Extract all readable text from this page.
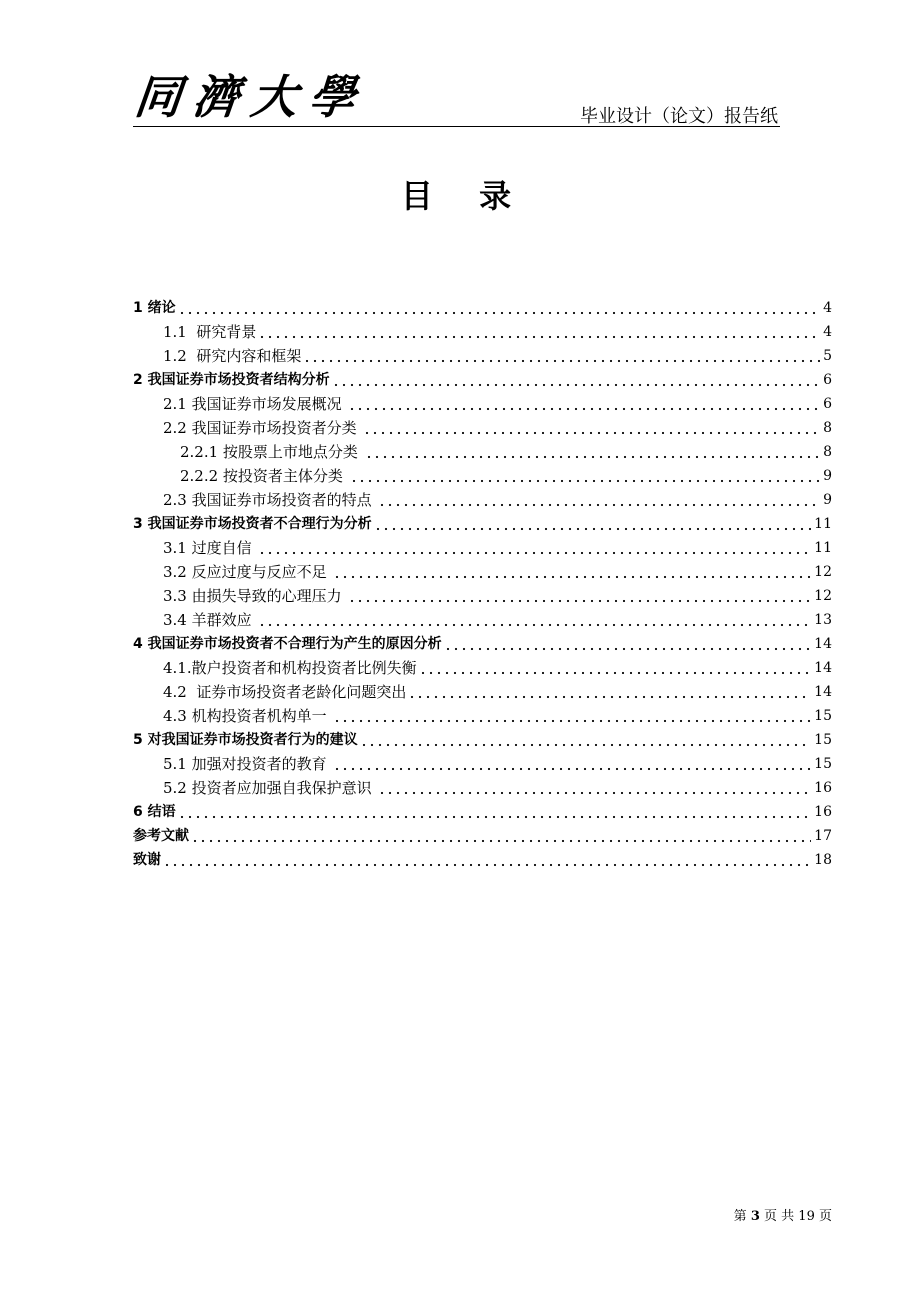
同濟大學	毕业设计（论文）报告纸
目  录
1 绪论	4
1.1  研究背景	4
1.2  研究内容和框架	5
2 我国证券市场投资者结构分析	6
2.1 我国证券市场发展概况	6
2.2 我国证券市场投资者分类	8
2.2.1 按股票上市地点分类	8
2.2.2 按投资者主体分类	9
2.3 我国证券市场投资者的特点	9
3 我国证券市场投资者不合理行为分析	11
3.1 过度自信	11
3.2 反应过度与反应不足	12
3.3 由损失导致的心理压力	12
3.4 羊群效应	13
4 我国证券市场投资者不合理行为产生的原因分析	14
4.1.散户投资者和机构投资者比例失衡	14
4.2  证券市场投资者老龄化问题突出	14
4.3 机构投资者机构单一	15
5 对我国证券市场投资者行为的建议	15
5.1 加强对投资者的教育	15
5.2 投资者应加强自我保护意识	16
6 结语	16
参考文献	17
致谢	18
第 3 页 共 19 页
